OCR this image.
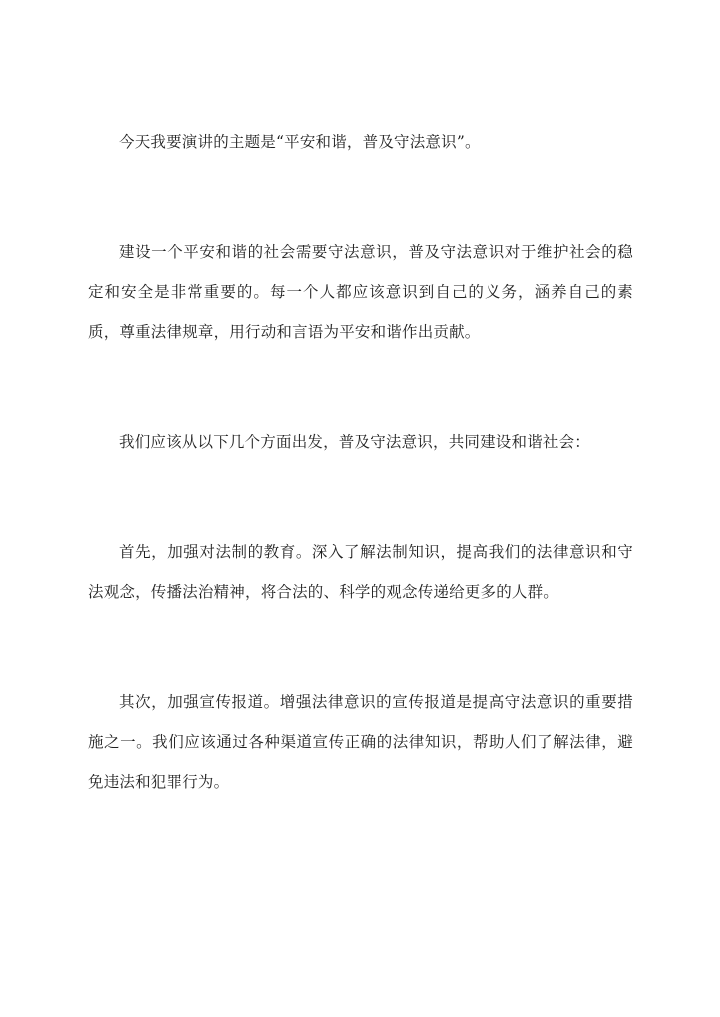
今天我要演讲的主题是“平安和谐，普及守法意识”。

建设一个平安和谐的社会需要守法意识，普及守法意识对于维护社会的稳定和安全是非常重要的。每一个人都应该意识到自己的义务，涵养自己的素质，尊重法律规章，用行动和言语为平安和谐作出贡献。

我们应该从以下几个方面出发，普及守法意识，共同建设和谐社会：

首先，加强对法制的教育。深入了解法制知识，提高我们的法律意识和守法观念，传播法治精神，将合法的、科学的观念传递给更多的人群。

其次，加强宣传报道。增强法律意识的宣传报道是提高守法意识的重要措施之一。我们应该通过各种渠道宣传正确的法律知识，帮助人们了解法律，避免违法和犯罪行为。
